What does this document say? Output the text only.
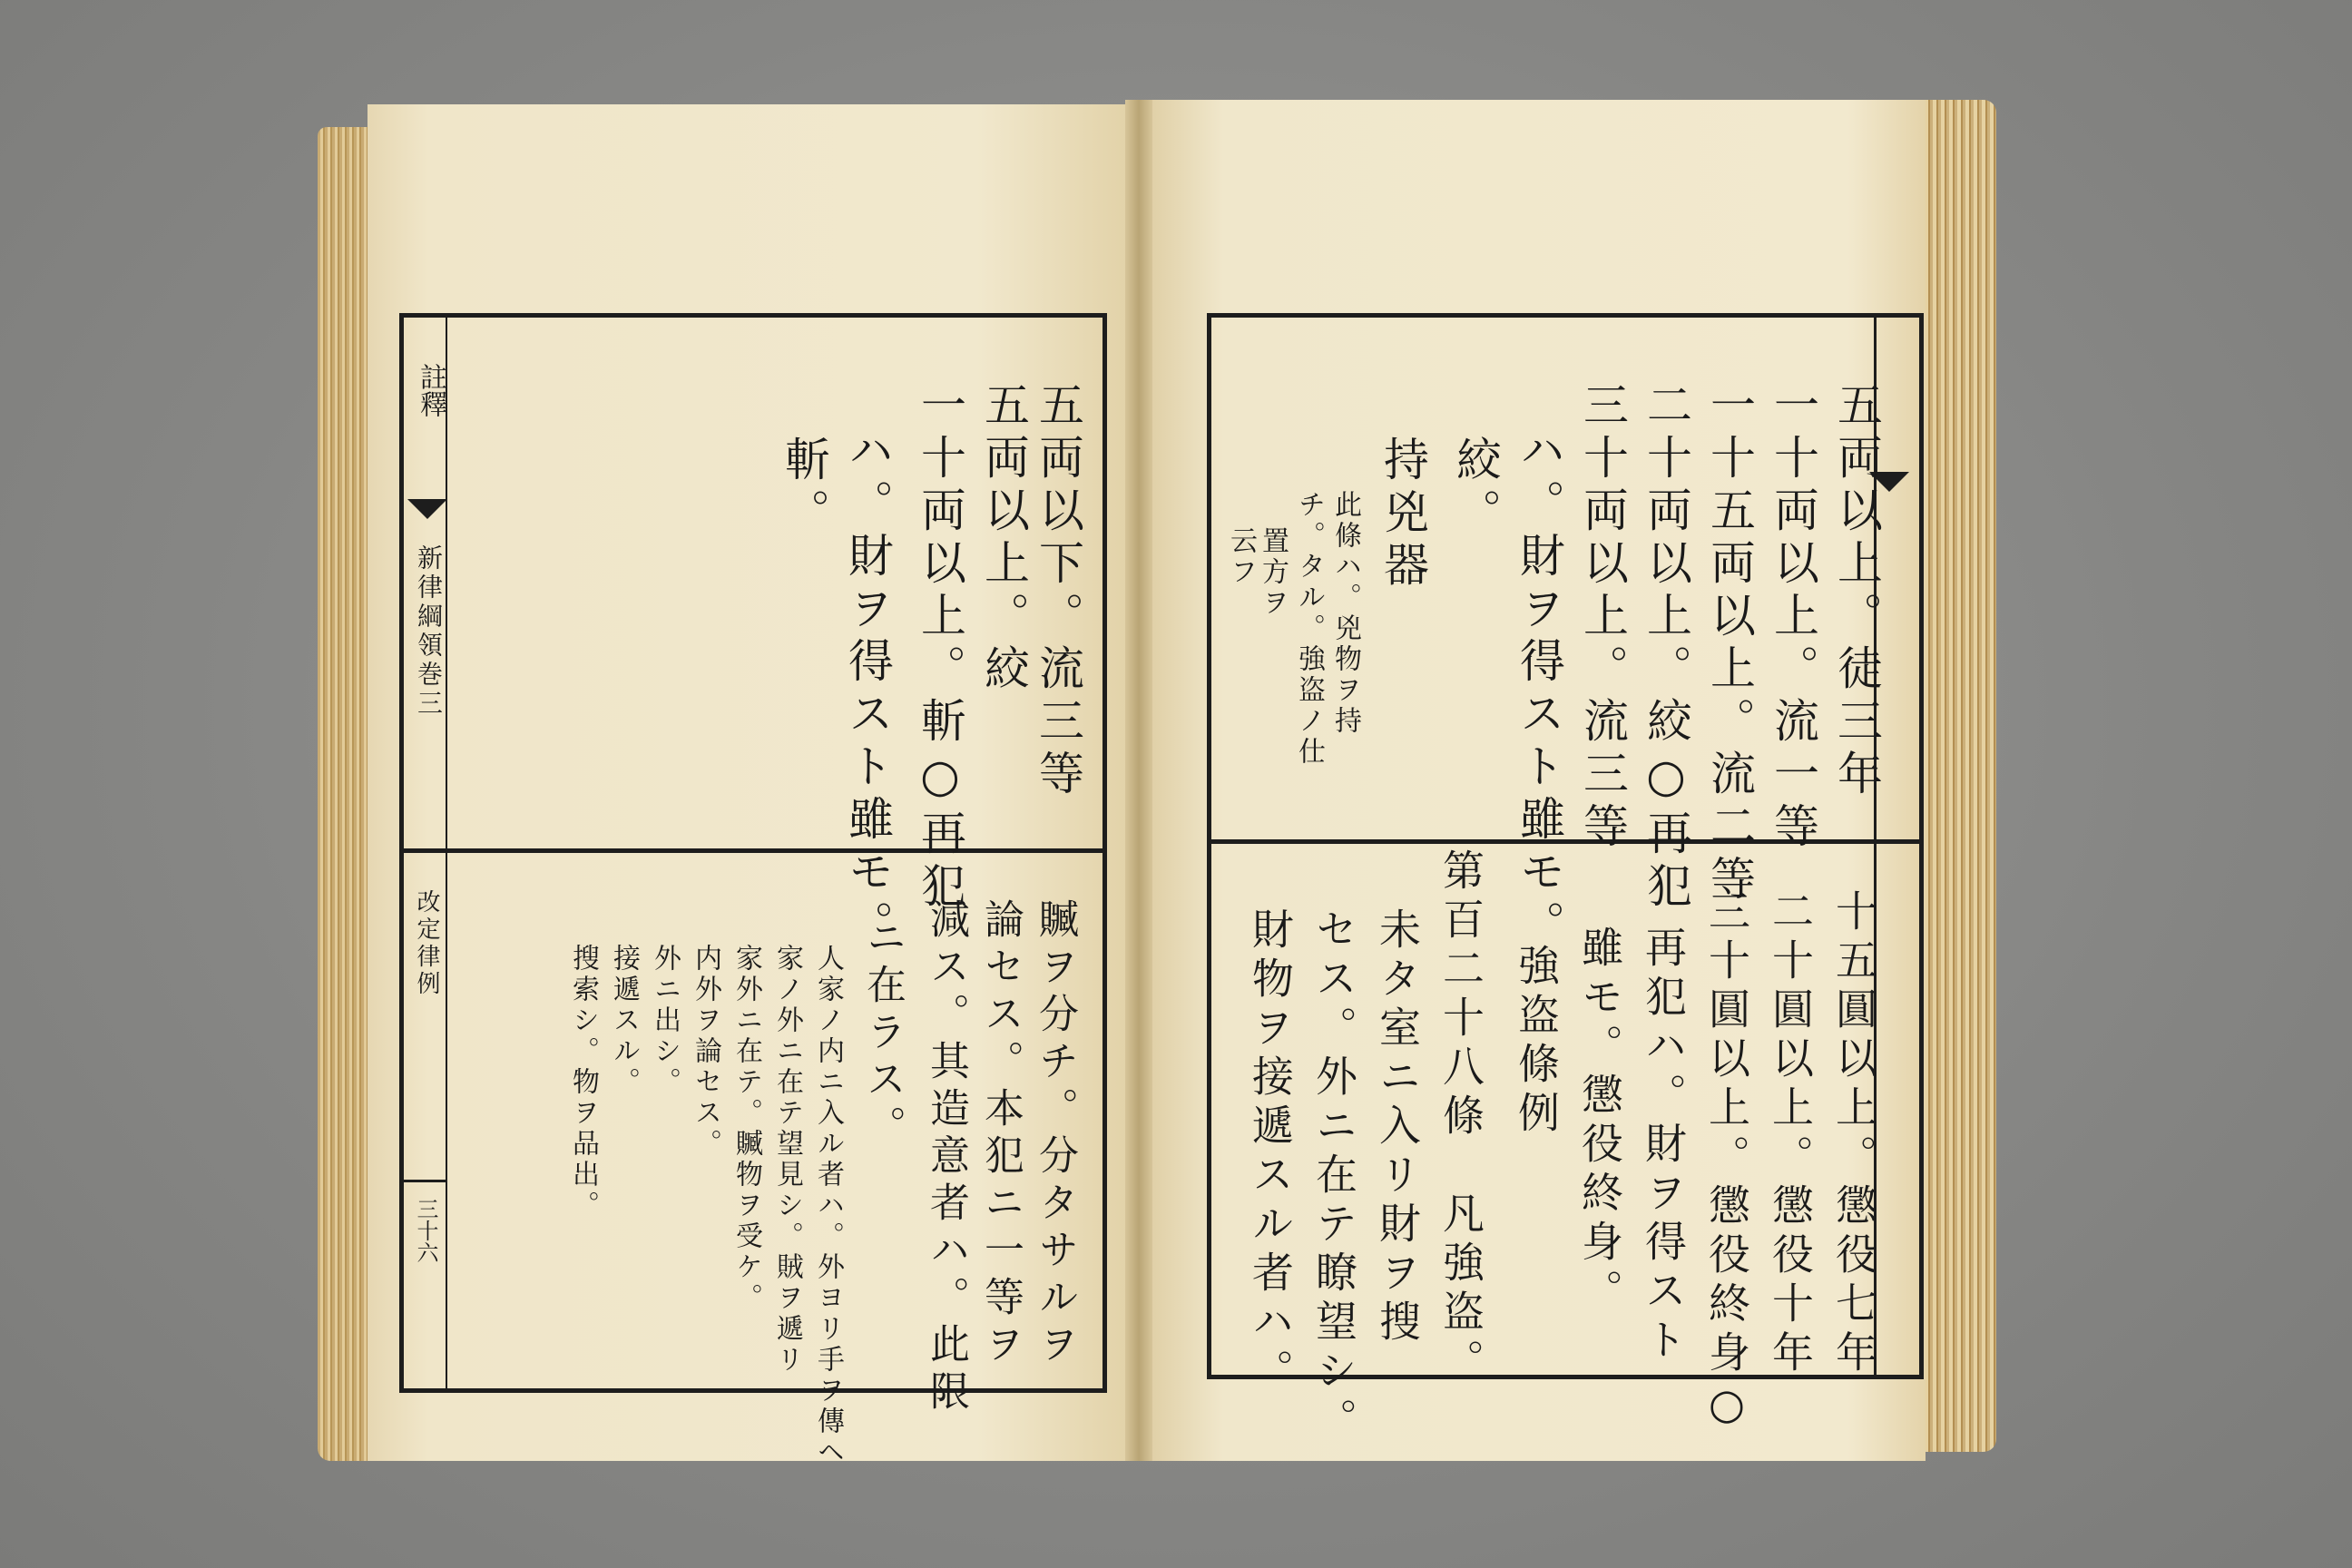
註釋
新律綱領巻三
改定律例
三十六
五両以下。流三等
五両以上。絞
一十両以上。斬○再犯
ハ。財ヲ得スト雖モ。
斬。
贓ヲ分チ。分タサルヲ
論セス。本犯ニ一等ヲ
減ス。其造意者ハ。此限
ニ在ラス。
人家ノ内ニ入ル者ハ。外ヨリ手ヲ傳ヘ
家ノ外ニ在テ望見シ。賊ヲ遞リ
家外ニ在テ。贓物ヲ受ケ。
内外ヲ論セス。
外ニ出シ。
接遞スル。
搜索シ。物ヲ品出。
五両以上。徒三年
一十両以上。流一等
一十五両以上。流二等
二十両以上。絞○再犯
三十両以上。流三等
ハ。財ヲ得スト雖モ。
絞。
持兇器
此條ハ。兇物ヲ持
チ。タル。強盗ノ仕
置方ヲ
云フ
十五圓以上。懲役七年
二十圓以上。懲役十年
三十圓以上。懲役終身○
再犯ハ。財ヲ得スト
雖モ。懲役終身。
強盗條例
第百二十八條　凡強盗。
未タ室ニ入リ財ヲ搜
セス。外ニ在テ瞭望シ。
財物ヲ接遞スル者ハ。
